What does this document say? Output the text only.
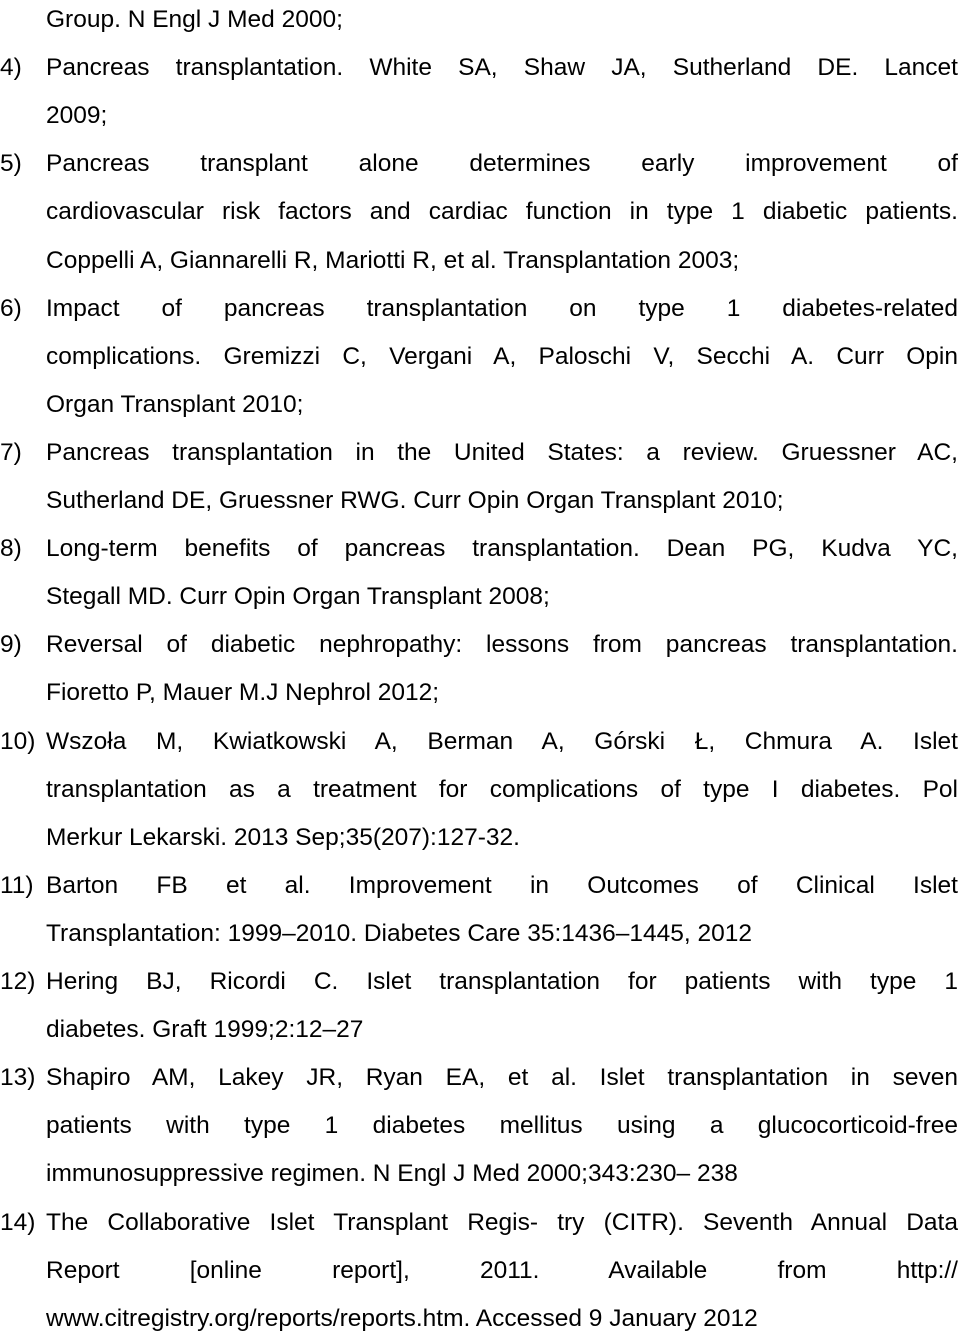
Group. N Engl J Med 2000;
4) Pancreas transplantation. White SA, Shaw JA, Sutherland DE. Lancet
2009;
5) Pancreas transplant alone determines early improvement of
cardiovascular risk factors and cardiac function in type 1 diabetic patients.
Coppelli A, Giannarelli R, Mariotti R, et al. Transplantation 2003;
6) Impact of pancreas transplantation on type 1 diabetes-related
complications. Gremizzi C, Vergani A, Paloschi V, Secchi A. Curr Opin
Organ Transplant 2010;
7) Pancreas transplantation in the United States: a review. Gruessner AC,
Sutherland DE, Gruessner RWG. Curr Opin Organ Transplant 2010;
8) Long-term benefits of pancreas transplantation. Dean PG, Kudva YC,
Stegall MD. Curr Opin Organ Transplant 2008;
9) Reversal of diabetic nephropathy: lessons from pancreas transplantation.
Fioretto P, Mauer M.J Nephrol 2012;
10) Wszoła M, Kwiatkowski A, Berman A, Górski Ł, Chmura A. Islet
transplantation as a treatment for complications of type I diabetes. Pol
Merkur Lekarski. 2013 Sep;35(207):127-32.
11) Barton FB et al. Improvement in Outcomes of Clinical Islet
Transplantation: 1999–2010. Diabetes Care 35:1436–1445, 2012
12) Hering BJ, Ricordi C. Islet transplantation for patients with type 1
diabetes. Graft 1999;2:12–27
13) Shapiro AM, Lakey JR, Ryan EA, et al. Islet transplantation in seven
patients with type 1 diabetes mellitus using a glucocorticoid-free
immunosuppressive regimen. N Engl J Med 2000;343:230– 238
14) The Collaborative Islet Transplant Regis- try (CITR). Seventh Annual Data
Report [online report], 2011. Available from http://
www.citregistry.org/reports/reports.htm. Accessed 9 January 2012
